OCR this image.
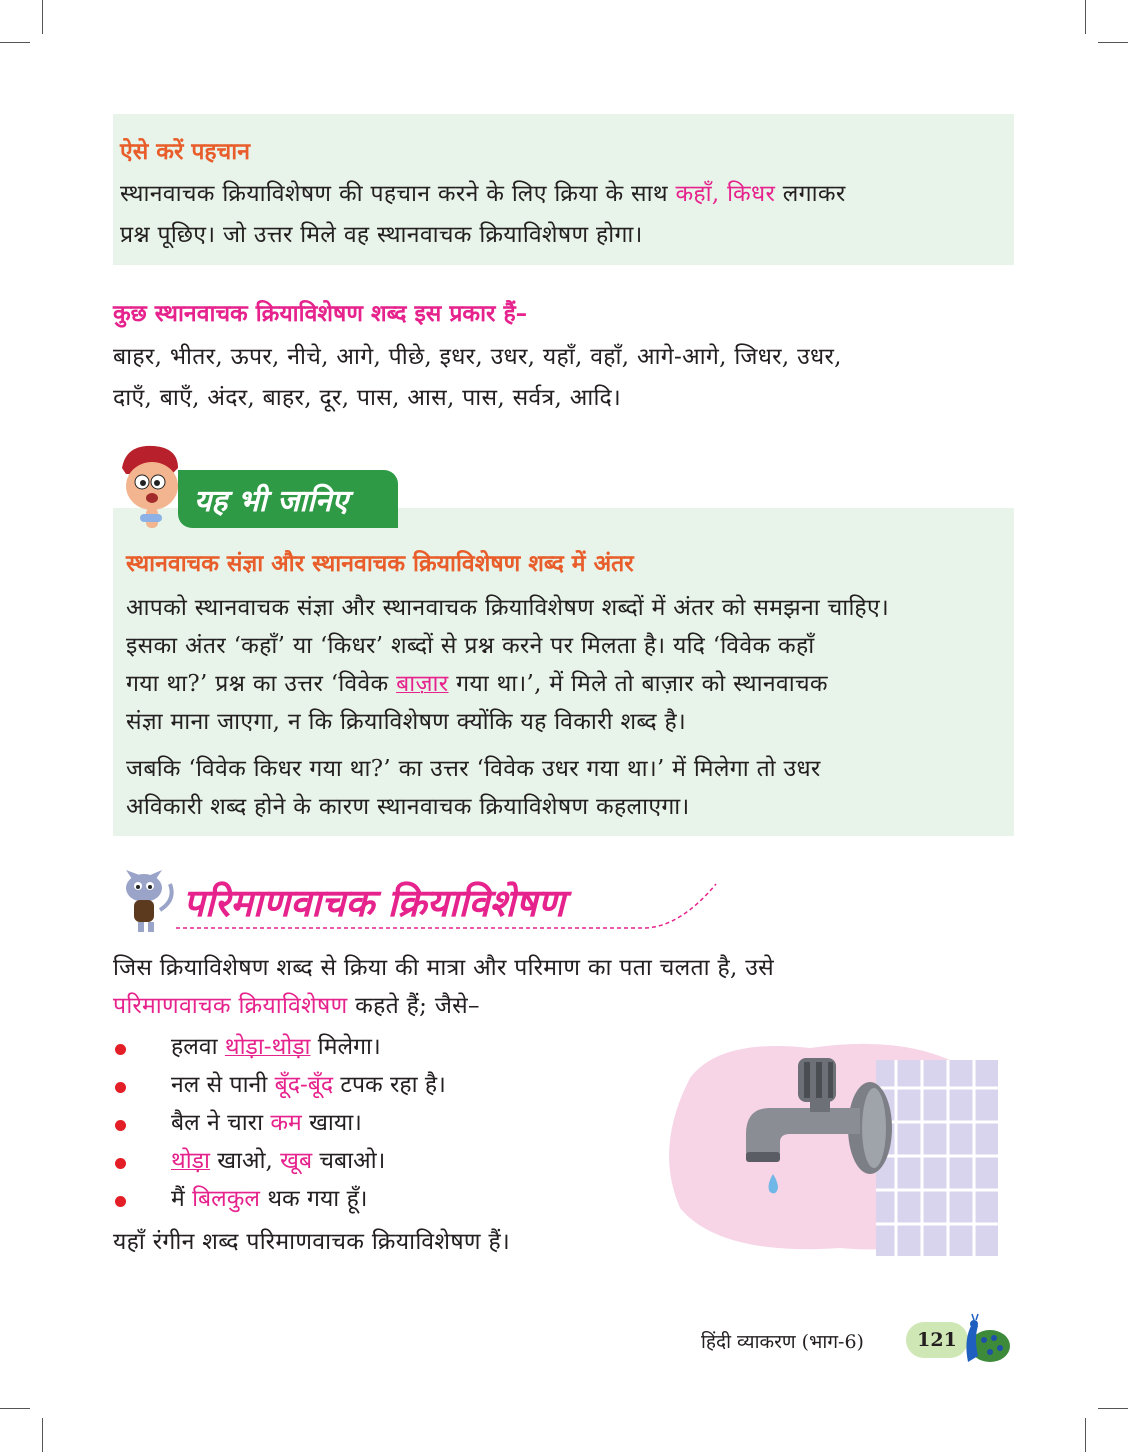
ऐसे करें पहचान

स्थानवाचक क्रियाविशेषण की पहचान करने के लिए क्रिया के साथ कहाँ, किधर लगाकर

प्रश्न पूछिए। जो उत्तर मिले वह स्थानवाचक क्रियाविशेषण होगा।

कुछ स्थानवाचक क्रियाविशेषण शब्द इस प्रकार हैं–

बाहर, भीतर, ऊपर, नीचे, आगे, पीछे, इधर, उधर, यहाँ, वहाँ, आगे-आगे, जिधर, उधर,

दाएँ, बाएँ, अंदर, बाहर, दूर, पास, आस, पास, सर्वत्र, आदि।

यह भी जानिए

स्थानवाचक संज्ञा और स्थानवाचक क्रियाविशेषण शब्द में अंतर

आपको स्थानवाचक संज्ञा और स्थानवाचक क्रियाविशेषण शब्दों में अंतर को समझना चाहिए।

इसका अंतर ‘कहाँ’ या ‘किधर’ शब्दों से प्रश्न करने पर मिलता है। यदि ‘विवेक कहाँ

गया था?’ प्रश्न का उत्तर ‘विवेक बाज़ार गया था।’, में मिले तो बाज़ार को स्थानवाचक

संज्ञा माना जाएगा, न कि क्रियाविशेषण क्योंकि यह विकारी शब्द है।

जबकि ‘विवेक किधर गया था?’ का उत्तर ‘विवेक उधर गया था।’ में मिलेगा तो उधर

अविकारी शब्द होने के कारण स्थानवाचक क्रियाविशेषण कहलाएगा।

परिमाणवाचक क्रियाविशेषण

जिस क्रियाविशेषण शब्द से क्रिया की मात्रा और परिमाण का पता चलता है, उसे

परिमाणवाचक क्रियाविशेषण कहते हैं; जैसे–

हलवा थोड़ा-थोड़ा मिलेगा।
नल से पानी बूँद-बूँद टपक रहा है।
बैल ने चारा कम खाया।
थोड़ा खाओ, खूब चबाओ।
मैं बिलकुल थक गया हूँ।

यहाँ रंगीन शब्द परिमाणवाचक क्रियाविशेषण हैं।

हिंदी व्याकरण (भाग-6)	121
